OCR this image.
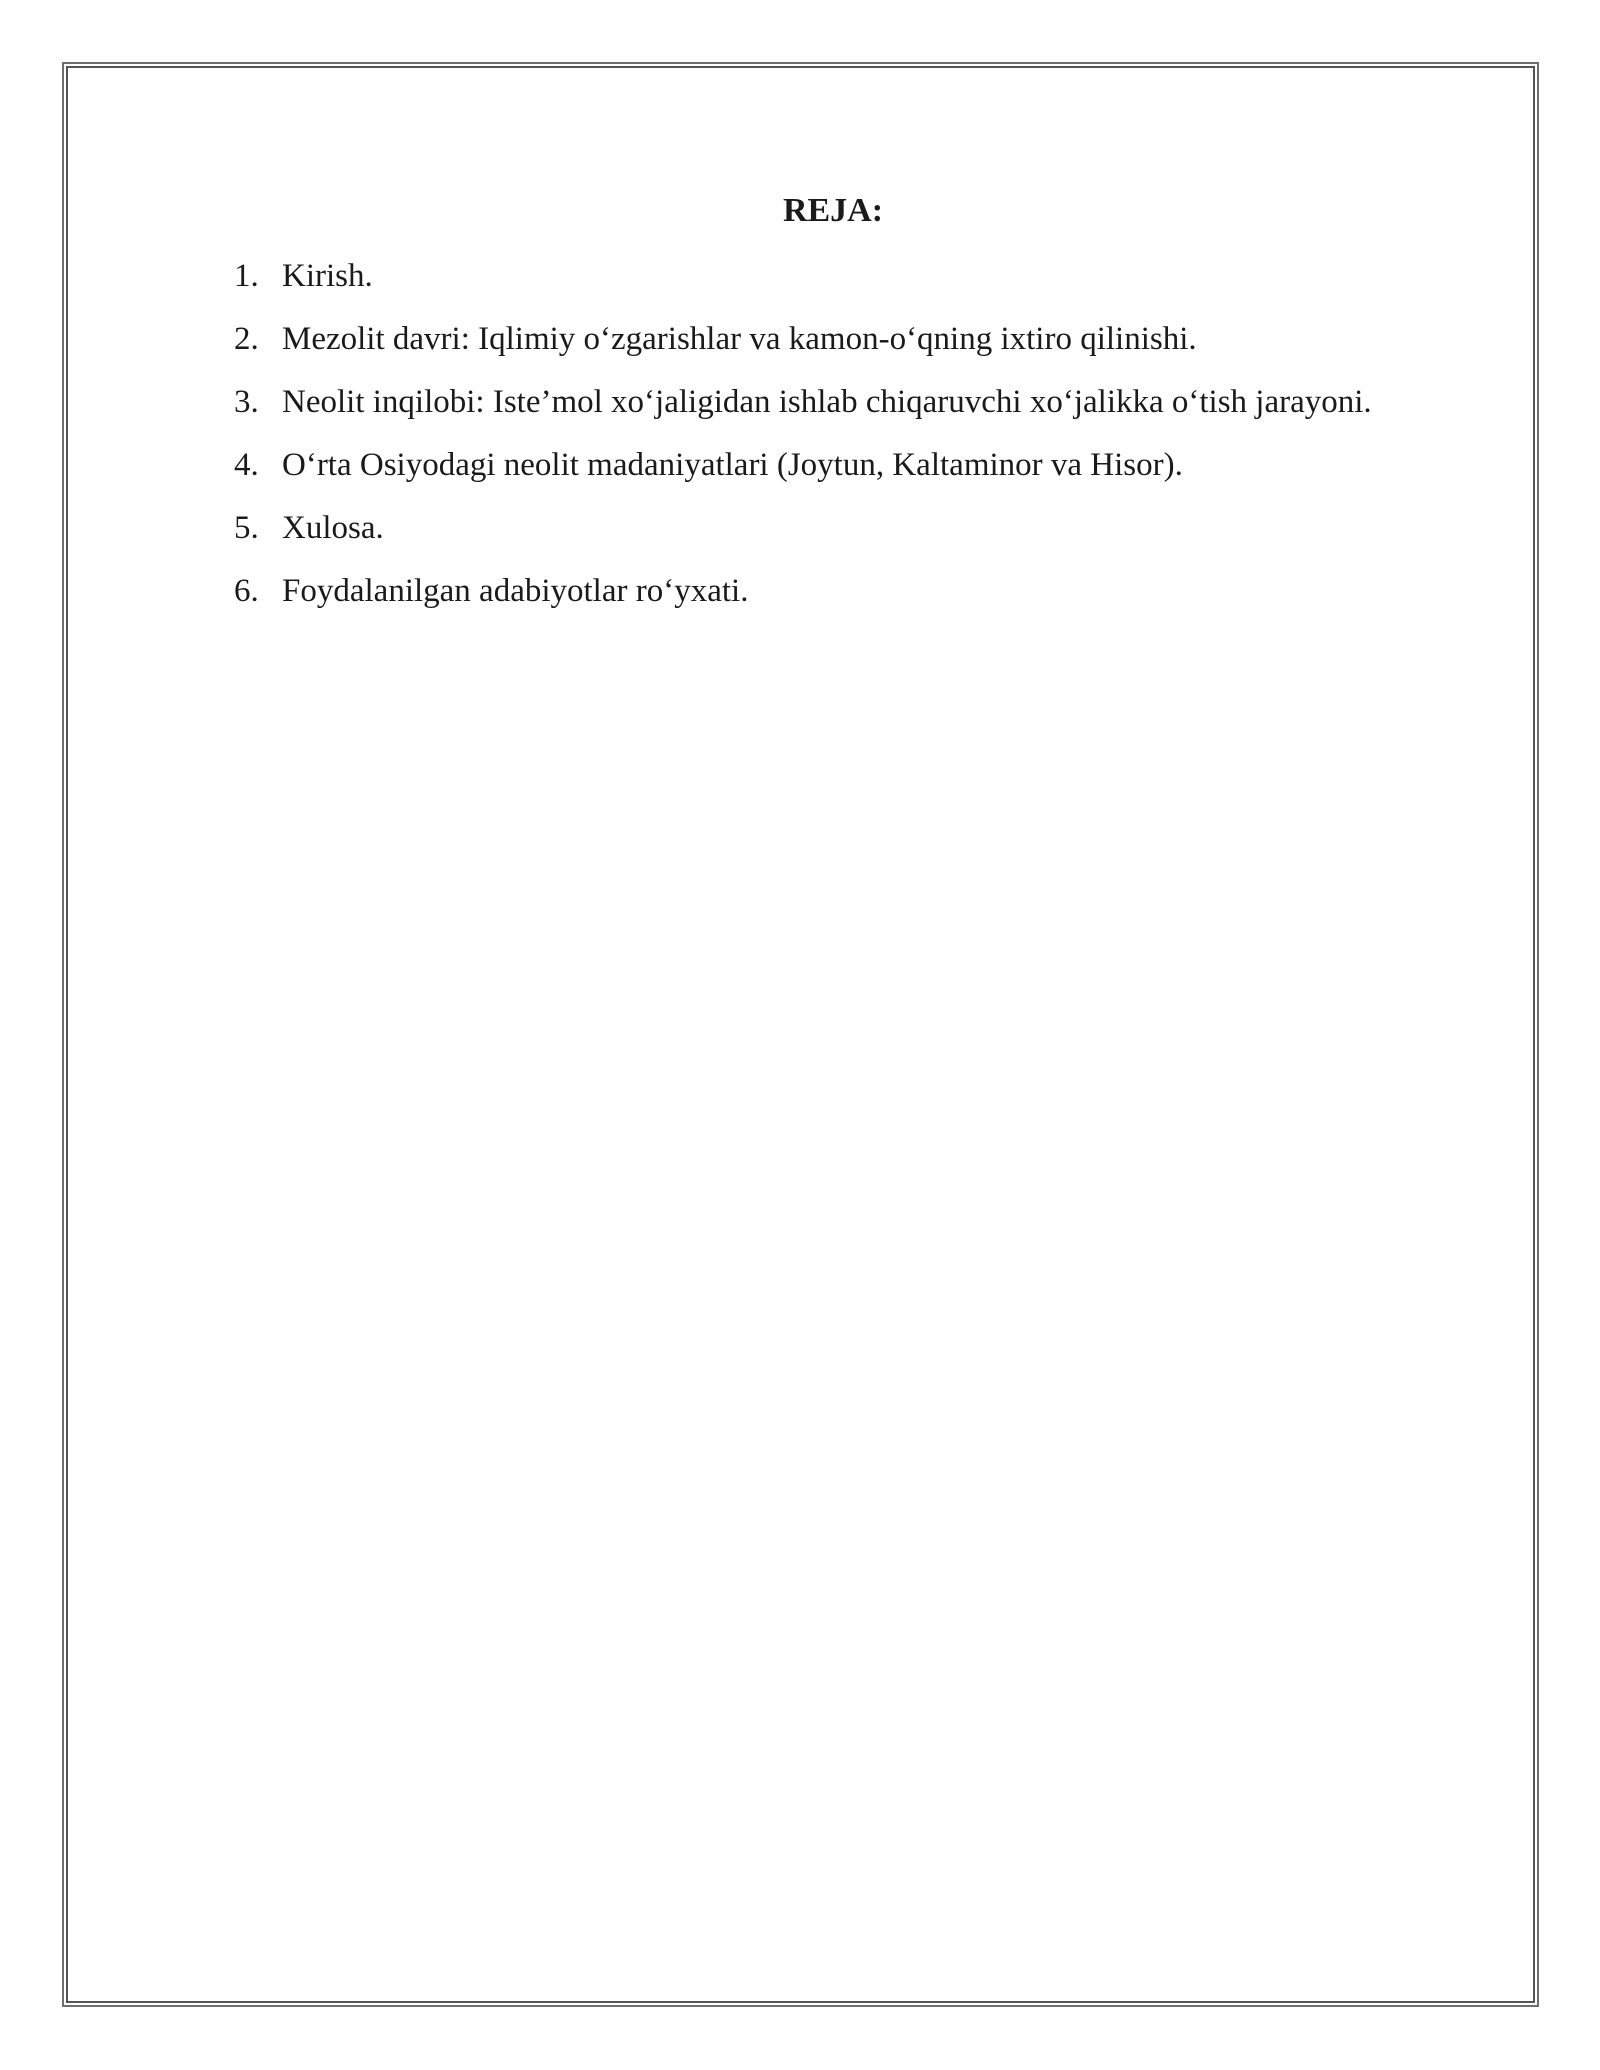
REJA:
1. Kirish.
2. Mezolit davri: Iqlimiy o‘zgarishlar va kamon-o‘qning ixtiro qilinishi.
3. Neolit inqilobi: Iste’mol xo‘jaligidan ishlab chiqaruvchi xo‘jalikka o‘tish jarayoni.
4. O‘rta Osiyodagi neolit madaniyatlari (Joytun, Kaltaminor va Hisor).
5. Xulosa.
6. Foydalanilgan adabiyotlar ro‘yxati.
